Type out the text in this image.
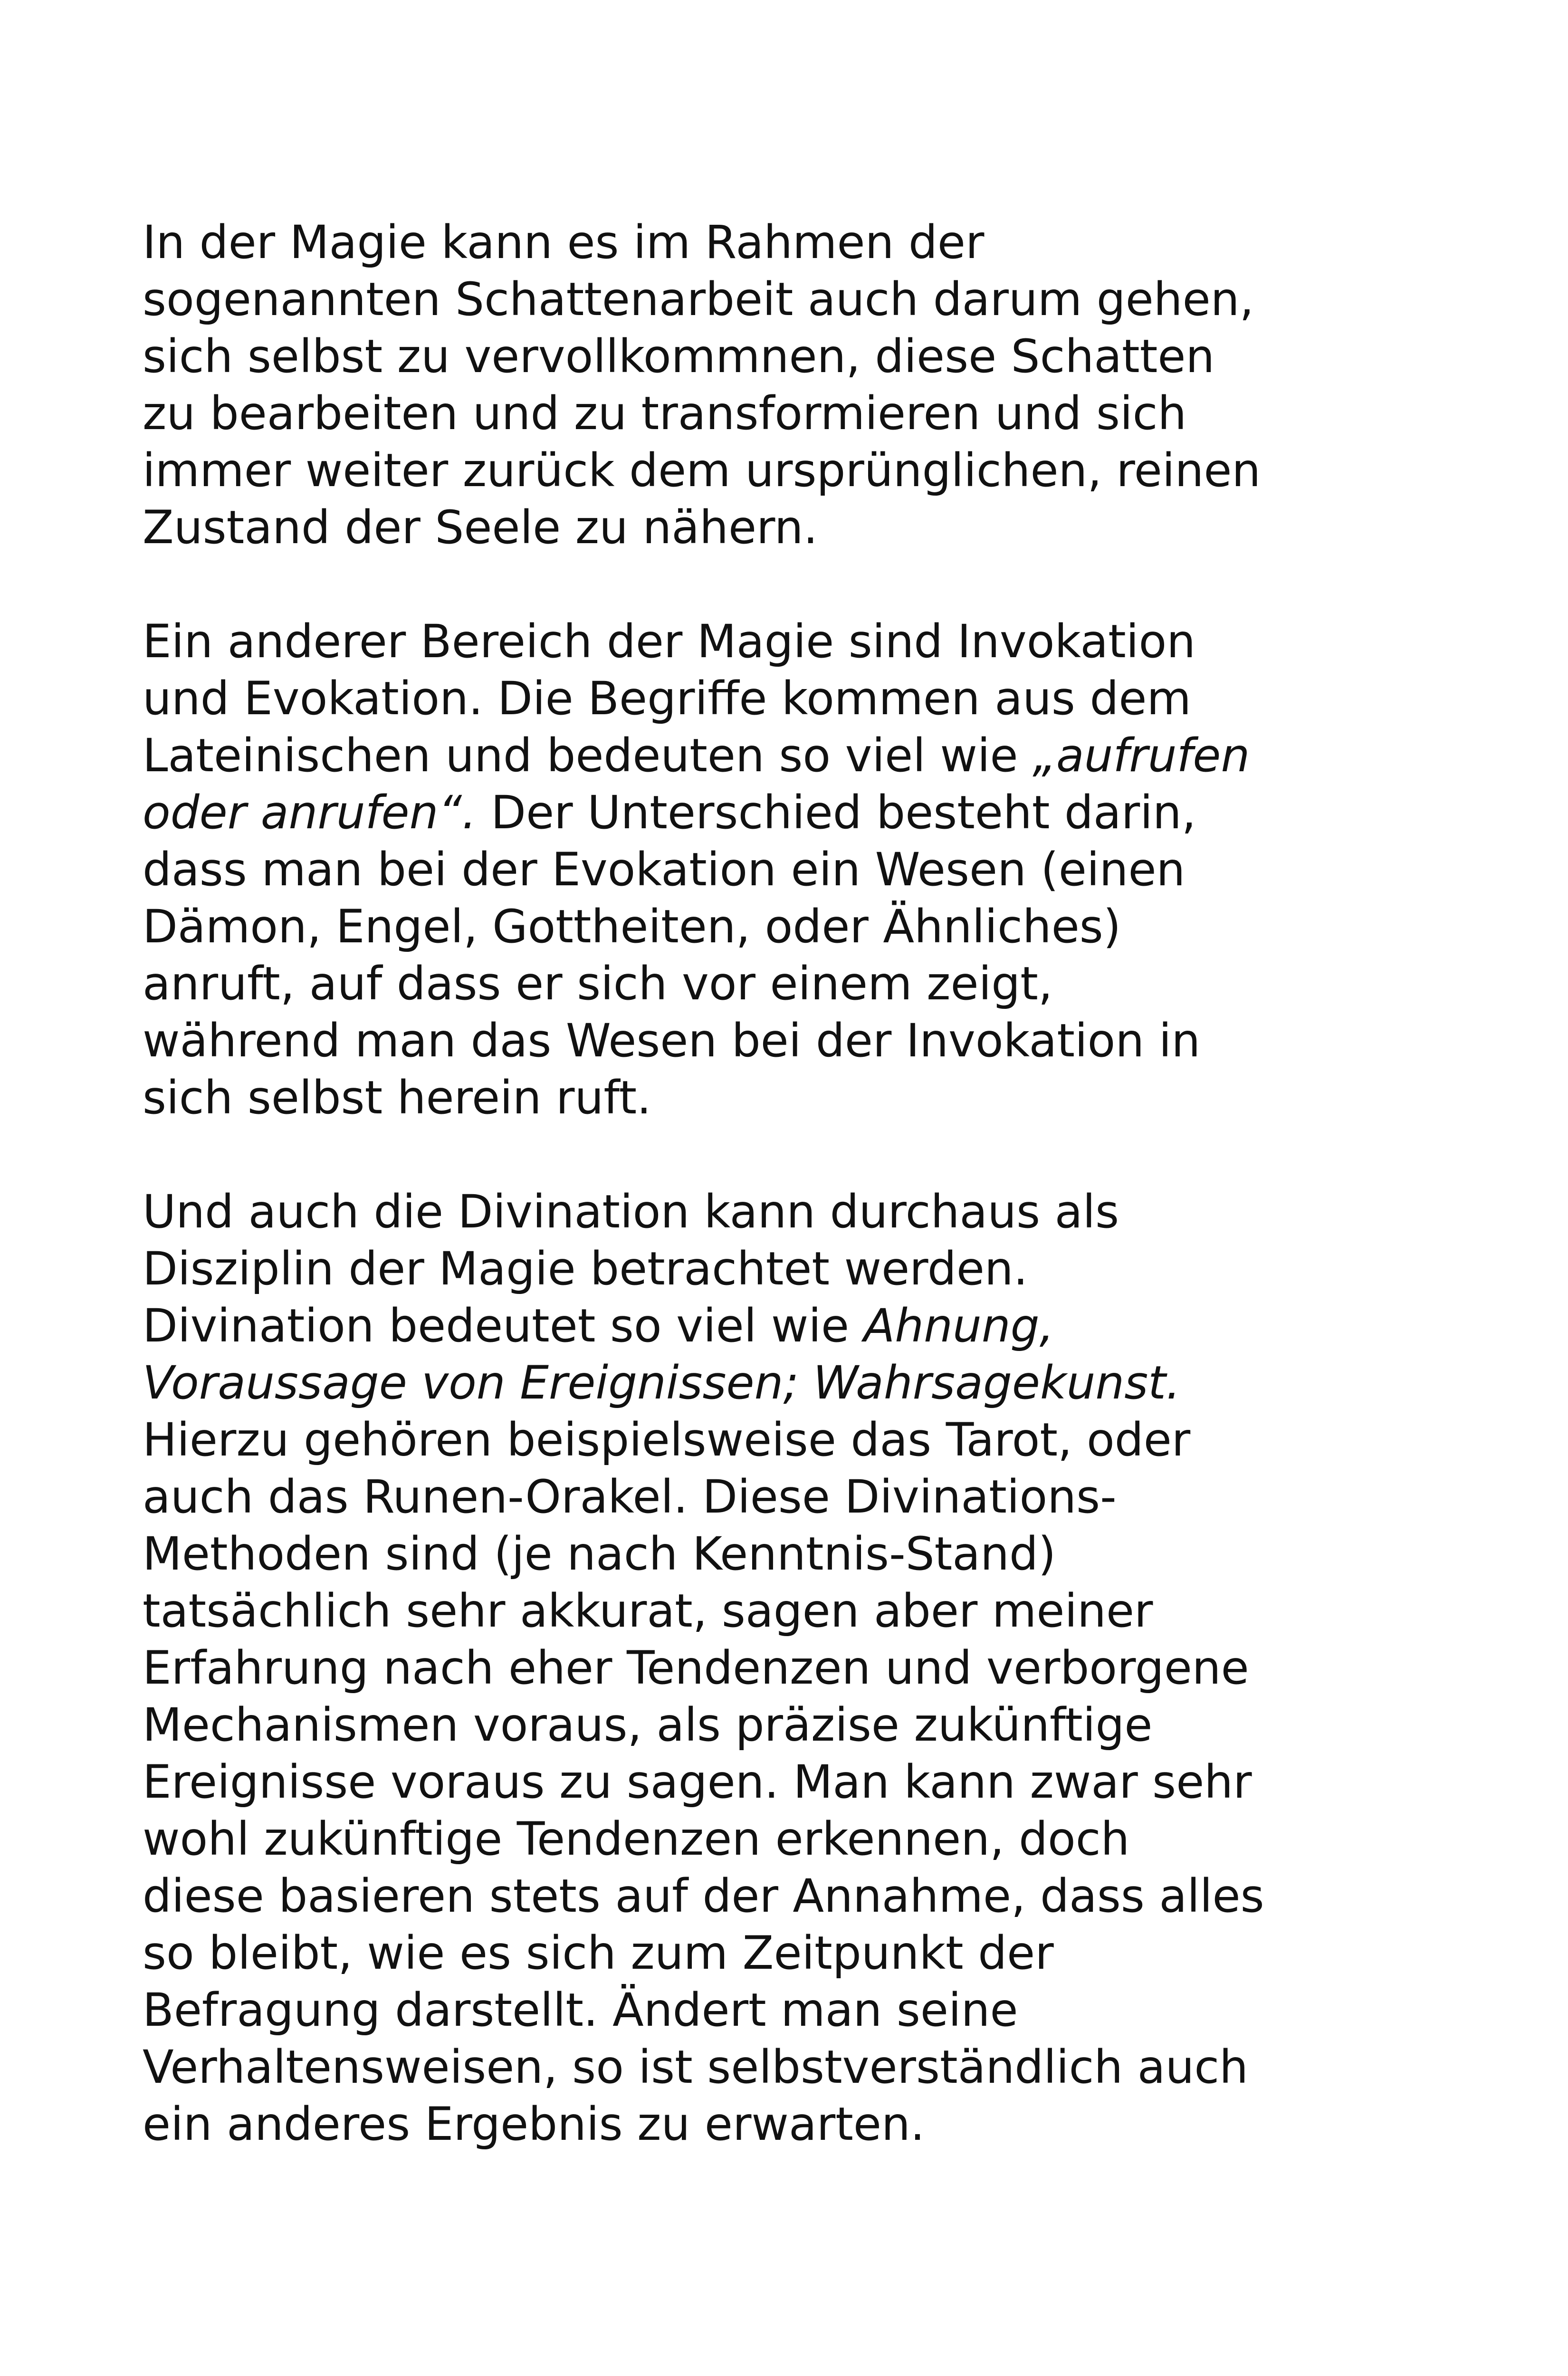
In der Magie kann es im Rahmen der
sogenannten Schattenarbeit auch darum gehen,
sich selbst zu vervollkommnen, diese Schatten
zu bearbeiten und zu transformieren und sich
immer weiter zurück dem ursprünglichen, reinen
Zustand der Seele zu nähern.

Ein anderer Bereich der Magie sind Invokation
und Evokation. Die Begriffe kommen aus dem
Lateinischen und bedeuten so viel wie „aufrufen
oder anrufen“. Der Unterschied besteht darin,
dass man bei der Evokation ein Wesen (einen
Dämon, Engel, Gottheiten, oder Ähnliches)
anruft, auf dass er sich vor einem zeigt,
während man das Wesen bei der Invokation in
sich selbst herein ruft.

Und auch die Divination kann durchaus als
Disziplin der Magie betrachtet werden.
Divination bedeutet so viel wie Ahnung,
Voraussage von Ereignissen; Wahrsagekunst.
Hierzu gehören beispielsweise das Tarot, oder
auch das Runen-Orakel. Diese Divinations-
Methoden sind (je nach Kenntnis-Stand)
tatsächlich sehr akkurat, sagen aber meiner
Erfahrung nach eher Tendenzen und verborgene
Mechanismen voraus, als präzise zukünftige
Ereignisse voraus zu sagen. Man kann zwar sehr
wohl zukünftige Tendenzen erkennen, doch
diese basieren stets auf der Annahme, dass alles
so bleibt, wie es sich zum Zeitpunkt der
Befragung darstellt. Ändert man seine
Verhaltensweisen, so ist selbstverständlich auch
ein anderes Ergebnis zu erwarten.
